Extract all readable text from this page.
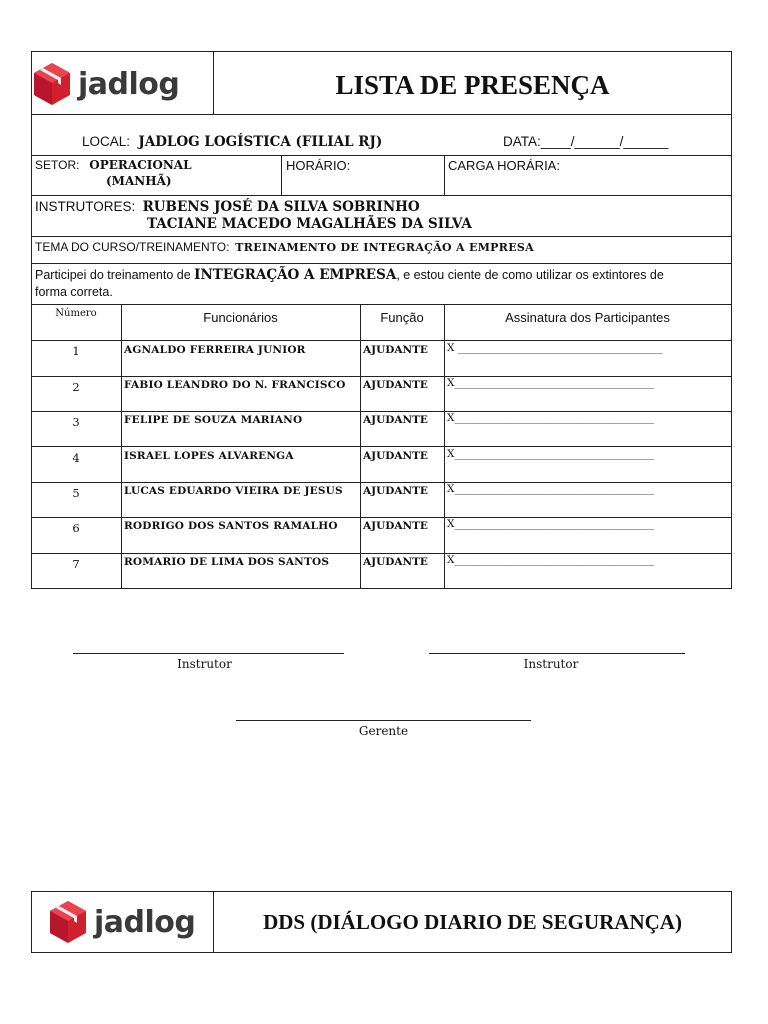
jadlog	LISTA DE PRESENÇA
LOCAL: JADLOG LOGÍSTICA (FILIAL RJ)	DATA:____/______/______
SETOR: OPERACIONAL
(MANHÃ)
HORÁRIO:	CARGA HORÁRIA:
INSTRUTORES: RUBENS JOSÉ DA SILVA SOBRINHO
TACIANE MACEDO MAGALHÃES DA SILVA
TEMA DO CURSO/TREINAMENTO: TREINAMENTO DE INTEGRAÇÃO A EMPRESA
Participei do treinamento de INTEGRAÇÃO A EMPRESA, e estou ciente de como utilizar os extintores de
forma correta.
Número	Funcionários	Função	Assinatura dos Participantes
1	AGNALDO FERREIRA JUNIOR	AJUDANTE X _______________________________________
2	FABIO LEANDRO DO N. FRANCISCO AJUDANTE X______________________________________
3	FELIPE DE SOUZA MARIANO	AJUDANTE X______________________________________
4	ISRAEL LOPES ALVARENGA	AJUDANTE X______________________________________
5	LUCAS EDUARDO VIEIRA DE JESUS AJUDANTE X______________________________________
6	RODRIGO DOS SANTOS RAMALHO AJUDANTE X______________________________________
7	ROMARIO DE LIMA DOS SANTOS	AJUDANTE X______________________________________
Instrutor	Instrutor
Gerente
jadlog	DDS (DIÁLOGO DIARIO DE SEGURANÇA)
